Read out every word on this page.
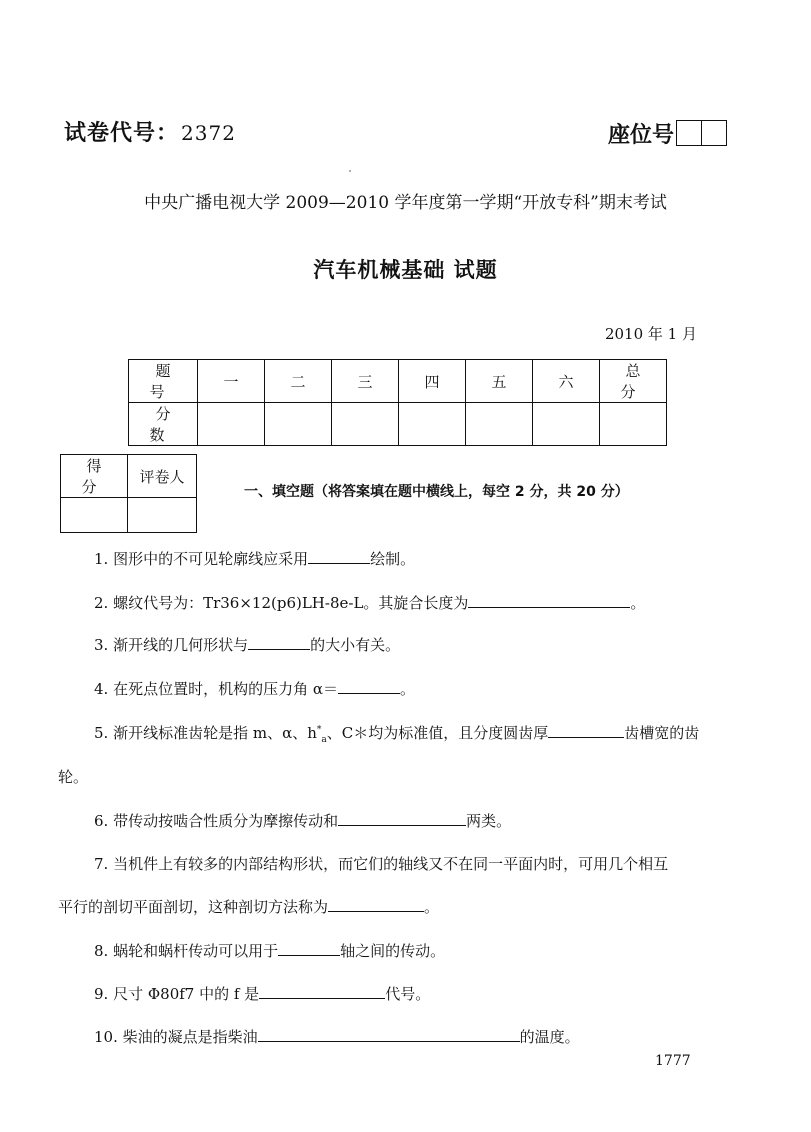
试卷代号： 2372	座位号
中央广播电视大学 2009—2010 学年度第一学期“开放专科”期末考试
汽车机械基础 试题
2010 年 1 月
题 号	一	二	三	四	五	六	总 分
分 数							
得 分	评卷人

一、填空题（将答案填在题中横线上，每空 2 分，共 20 分）
1. 图形中的不可见轮廓线应采用	绘制。
2. 螺纹代号为：Tr36×12(p6)LH-8e-L。其旋合长度为	。
3. 渐开线的几何形状与	的大小有关。
4. 在死点位置时，机构的压力角 α＝	。
5. 渐开线标准齿轮是指 m、α、$h^*_a$、C＊均为标准值，且分度圆齿厚	齿槽宽的齿
轮。
6. 带传动按啮合性质分为摩擦传动和	两类。
7. 当机件上有较多的内部结构形状，而它们的轴线又不在同一平面内时，可用几个相互
平行的剖切平面剖切，这种剖切方法称为	。
8. 蜗轮和蜗杆传动可以用于	轴之间的传动。
9. 尺寸 Φ80f7 中的 f 是	代号。
10. 柴油的凝点是指柴油	的温度。
1777
